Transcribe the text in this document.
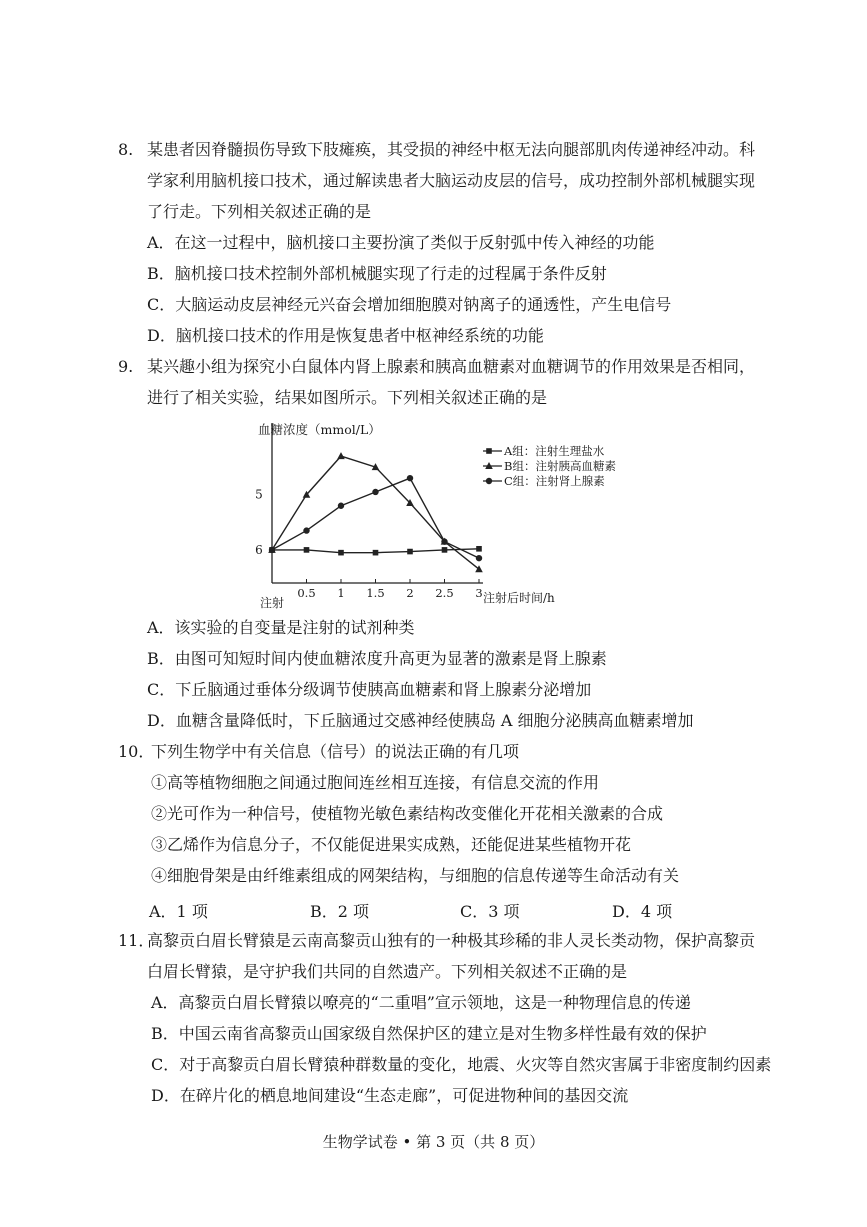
8. 某患者因脊髓损伤导致下肢瘫痪，其受损的神经中枢无法向腿部肌肉传递神经冲动。科
学家利用脑机接口技术，通过解读患者大脑运动皮层的信号，成功控制外部机械腿实现
了行走。下列相关叙述正确的是
A．在这一过程中，脑机接口主要扮演了类似于反射弧中传入神经的功能
B．脑机接口技术控制外部机械腿实现了行走的过程属于条件反射
C．大脑运动皮层神经元兴奋会增加细胞膜对钠离子的通透性，产生电信号
D．脑机接口技术的作用是恢复患者中枢神经系统的功能
9. 某兴趣小组为探究小白鼠体内肾上腺素和胰高血糖素对血糖调节的作用效果是否相同，
进行了相关实验，结果如图所示。下列相关叙述正确的是
血糖浓度（mmol/L）
5
6
0.5 1 1.5 2 2.5 3
注射	注射后时间/h
A组：注射生理盐水
B组：注射胰高血糖素
C组：注射肾上腺素
A．该实验的自变量是注射的试剂种类
B．由图可知短时间内使血糖浓度升高更为显著的激素是肾上腺素
C．下丘脑通过垂体分级调节使胰高血糖素和肾上腺素分泌增加
D．血糖含量降低时，下丘脑通过交感神经使胰岛 A 细胞分泌胰高血糖素增加
10．
下列生物学中有关信息（信号）的说法正确的有几项
①高等植物细胞之间通过胞间连丝相互连接，有信息交流的作用
②光可作为一种信号，使植物光敏色素结构改变催化开花相关激素的合成
③乙烯作为信息分子，不仅能促进果实成熟，还能促进某些植物开花
④细胞骨架是由纤维素组成的网架结构，与细胞的信息传递等生命活动有关
A．1 项	B．2 项	C．3 项	D．4 项
11．
高黎贡白眉长臂猿是云南高黎贡山独有的一种极其珍稀的非人灵长类动物，保护高黎贡
白眉长臂猿，是守护我们共同的自然遗产。下列相关叙述不正确的是
A．高黎贡白眉长臂猿以嘹亮的“二重唱”宣示领地，这是一种物理信息的传递
B．中国云南省高黎贡山国家级自然保护区的建立是对生物多样性最有效的保护
C．对于高黎贡白眉长臂猿种群数量的变化，地震、火灾等自然灾害属于非密度制约因素
D．在碎片化的栖息地间建设“生态走廊”，可促进物种间的基因交流
生物学试卷 • 第 3 页（共 8 页）
